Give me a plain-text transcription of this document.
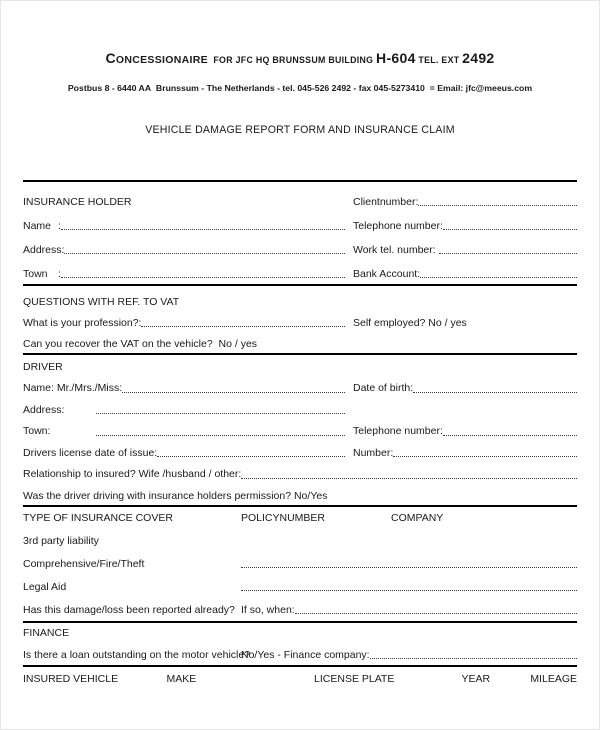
CONCESSIONAIRE  FOR JFC HQ BRUNSSUM BUILDING H-604 TEL. EXT 2492

Postbus 8 - 6440 AA  Brunssum - The Netherlands - tel. 045-526 2492 - fax 045-5273410  = Email: jfc@meeus.com
VEHICLE DAMAGE REPORT FORM AND INSURANCE CLAIM
INSURANCE HOLDER	Clientnumber:
Name :	Telephone number:
Address :	Work tel. number:
Town :	Bank Account:
QUESTIONS WITH REF. TO VAT
What is your profession?:	Self employed? No / yes
Can you recover the VAT on the vehicle?  No / yes
DRIVER
Name: Mr./Mrs./Miss:	Date of birth:
Address:
Town:	Telephone number:
Drivers license date of issue:	Number:
Relationship to insured? Wife /husband / other:
Was the driver driving with insurance holders permission? No/Yes
TYPE OF INSURANCE COVER	POLICYNUMBER	COMPANY
3rd party liability
Comprehensive/Fire/Theft
Legal Aid
Has this damage/loss been reported already? If so, when:
FINANCE
Is there a loan outstanding on the motor vehicle?
No/Yes - Finance company:
INSURED VEHICLE	MAKE	LICENSE PLATE	YEAR	MILEAGE
